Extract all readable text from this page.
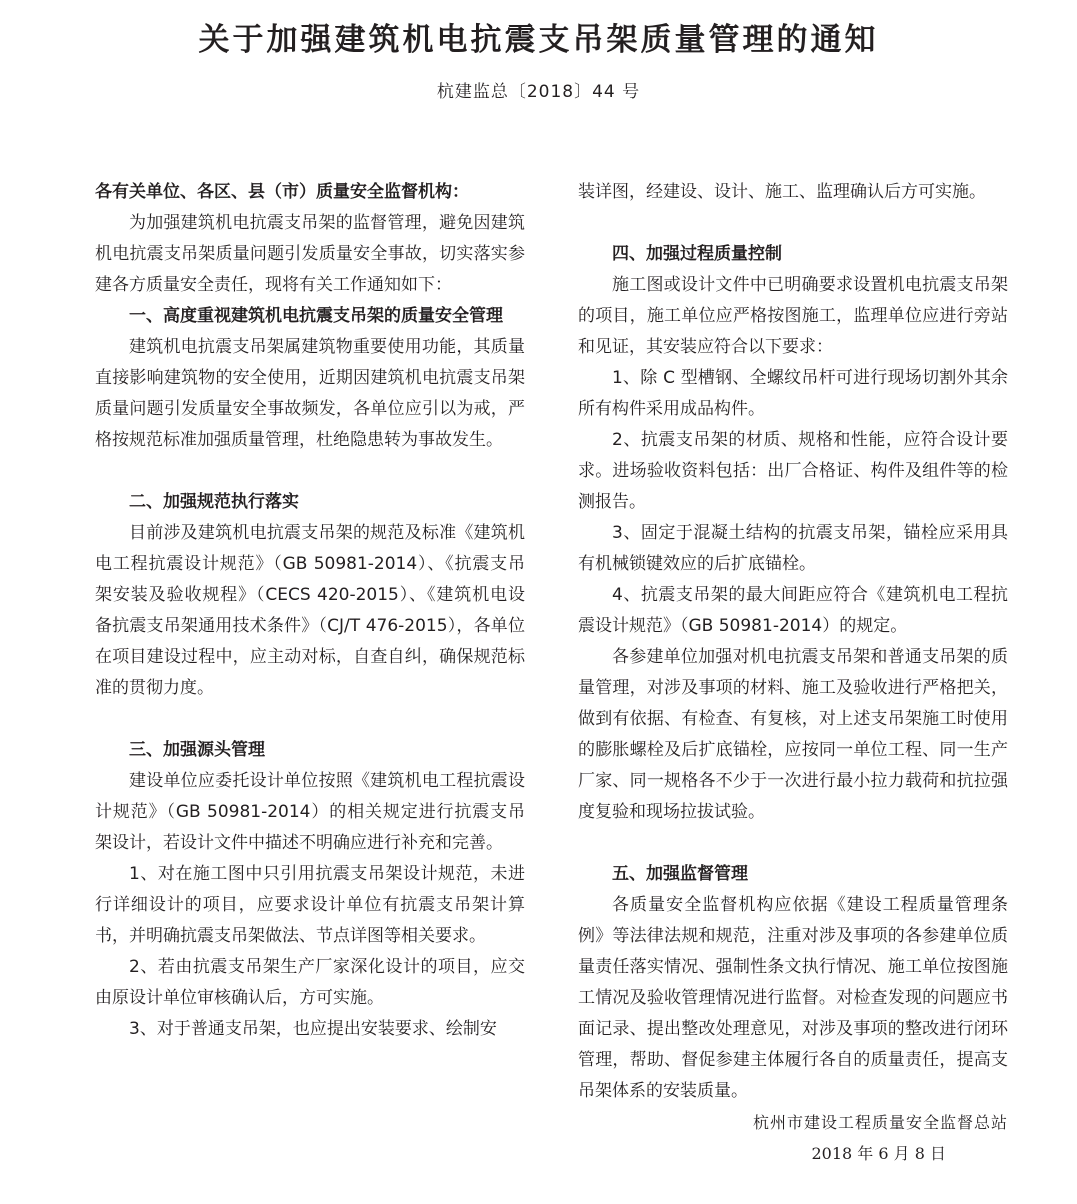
关于加强建筑机电抗震支吊架质量管理的通知
杭建监总〔2018〕44 号

各有关单位、各区、县（市）质量安全监督机构：

为加强建筑机电抗震支吊架的监督管理，避免因建筑机电抗震支吊架质量问题引发质量安全事故，切实落实参建各方质量安全责任，现将有关工作通知如下：

一、高度重视建筑机电抗震支吊架的质量安全管理

建筑机电抗震支吊架属建筑物重要使用功能，其质量直接影响建筑物的安全使用，近期因建筑机电抗震支吊架质量问题引发质量安全事故频发，各单位应引以为戒，严格按规范标准加强质量管理，杜绝隐患转为事故发生。

二、加强规范执行落实

目前涉及建筑机电抗震支吊架的规范及标准《建筑机电工程抗震设计规范》（GB 50981-2014）、《抗震支吊架安装及验收规程》（CECS 420-2015）、《建筑机电设备抗震支吊架通用技术条件》（CJ/T 476-2015），各单位在项目建设过程中，应主动对标，自查自纠，确保规范标准的贯彻力度。

三、加强源头管理

建设单位应委托设计单位按照《建筑机电工程抗震设计规范》（GB 50981-2014）的相关规定进行抗震支吊架设计，若设计文件中描述不明确应进行补充和完善。

1、对在施工图中只引用抗震支吊架设计规范，未进行详细设计的项目，应要求设计单位有抗震支吊架计算书，并明确抗震支吊架做法、节点详图等相关要求。

2、若由抗震支吊架生产厂家深化设计的项目，应交由原设计单位审核确认后，方可实施。

3、对于普通支吊架，也应提出安装要求、绘制安

装详图，经建设、设计、施工、监理确认后方可实施。

四、加强过程质量控制

施工图或设计文件中已明确要求设置机电抗震支吊架的项目，施工单位应严格按图施工，监理单位应进行旁站和见证，其安装应符合以下要求：

1、除 C 型槽钢、全螺纹吊杆可进行现场切割外其余所有构件采用成品构件。

2、抗震支吊架的材质、规格和性能，应符合设计要求。进场验收资料包括：出厂合格证、构件及组件等的检测报告。

3、固定于混凝土结构的抗震支吊架，锚栓应采用具有机械锁键效应的后扩底锚栓。

4、抗震支吊架的最大间距应符合《建筑机电工程抗震设计规范》（GB 50981-2014）的规定。

各参建单位加强对机电抗震支吊架和普通支吊架的质量管理，对涉及事项的材料、施工及验收进行严格把关，做到有依据、有检查、有复核，对上述支吊架施工时使用的膨胀螺栓及后扩底锚栓，应按同一单位工程、同一生产厂家、同一规格各不少于一次进行最小拉力载荷和抗拉强度复验和现场拉拔试验。

五、加强监督管理

各质量安全监督机构应依据《建设工程质量管理条例》等法律法规和规范，注重对涉及事项的各参建单位质量责任落实情况、强制性条文执行情况、施工单位按图施工情况及验收管理情况进行监督。对检查发现的问题应书面记录、提出整改处理意见，对涉及事项的整改进行闭环管理，帮助、督促参建主体履行各自的质量责任，提高支吊架体系的安装质量。

杭州市建设工程质量安全监督总站

2018 年 6 月 8 日
